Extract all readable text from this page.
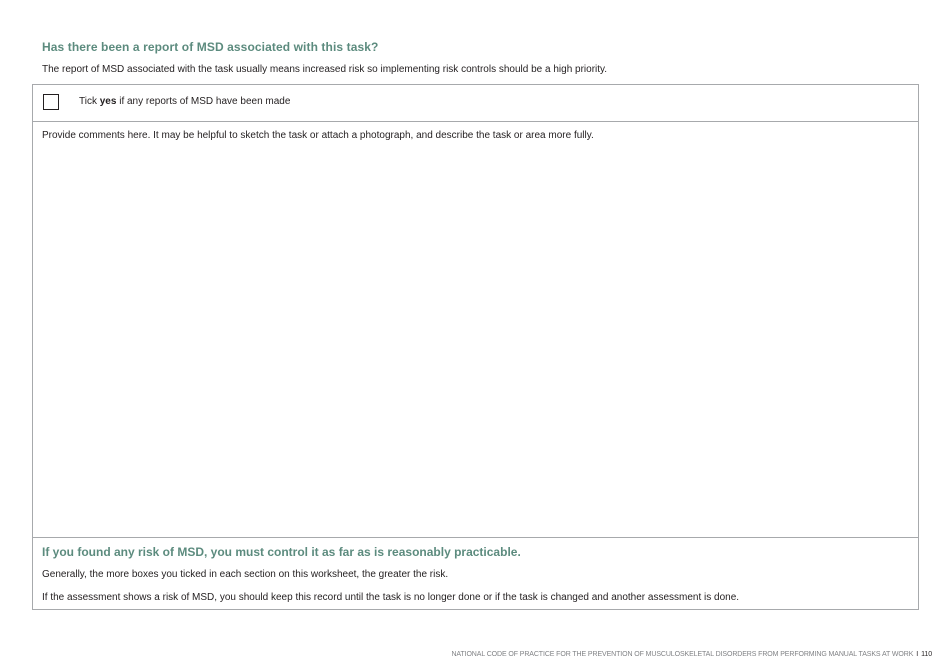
Has there been a report of MSD associated with this task?
The report of MSD associated with the task usually means increased risk so implementing risk controls should be a high priority.
Tick yes if any reports of MSD have been made
Provide comments here. It may be helpful to sketch the task or attach a photograph, and describe the task or area more fully.
If you found any risk of MSD, you must control it as far as is reasonably practicable.
Generally, the more boxes you ticked in each section on this worksheet, the greater the risk.
If the assessment shows a risk of MSD, you should keep this record until the task is no longer done or if the task is changed and another assessment is done.
NATIONAL CODE OF PRACTICE FOR THE PREVENTION OF MUSCULOSKELETAL DISORDERS FROM PERFORMING MANUAL TASKS AT WORK I 110
